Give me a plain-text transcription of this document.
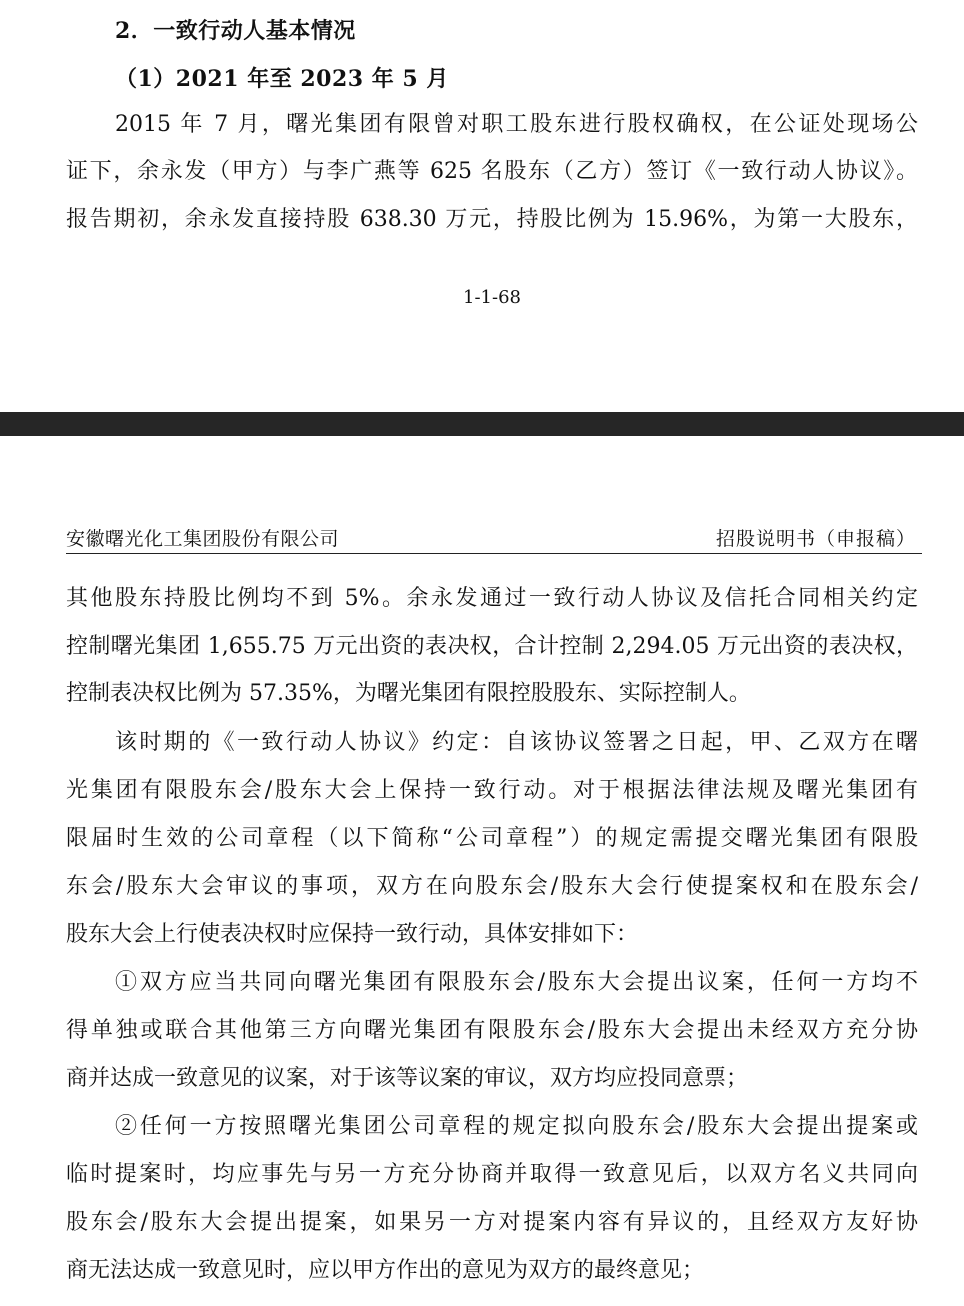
2．一致行动人基本情况
（1）2021 年至 2023 年 5 月
2015 年 7 月，曙光集团有限曾对职工股东进行股权确权，在公证处现场公
证下，余永发（甲方）与李广燕等 625 名股东（乙方）签订《一致行动人协议》。
报告期初，余永发直接持股 638.30 万元，持股比例为 15.96%，为第一大股东，
1-1-68
安徽曙光化工集团股份有限公司	招股说明书（申报稿）
其他股东持股比例均不到 5%。余永发通过一致行动人协议及信托合同相关约定
控制曙光集团 1,655.75 万元出资的表决权，合计控制 2,294.05 万元出资的表决权，
控制表决权比例为 57.35%，为曙光集团有限控股股东、实际控制人。
该时期的《一致行动人协议》约定：自该协议签署之日起，甲、乙双方在曙
光集团有限股东会/股东大会上保持一致行动。对于根据法律法规及曙光集团有
限届时生效的公司章程（以下简称“公司章程”）的规定需提交曙光集团有限股
东会/股东大会审议的事项，双方在向股东会/股东大会行使提案权和在股东会/
股东大会上行使表决权时应保持一致行动，具体安排如下：
①双方应当共同向曙光集团有限股东会/股东大会提出议案，任何一方均不
得单独或联合其他第三方向曙光集团有限股东会/股东大会提出未经双方充分协
商并达成一致意见的议案，对于该等议案的审议，双方均应投同意票；
②任何一方按照曙光集团公司章程的规定拟向股东会/股东大会提出提案或
临时提案时，均应事先与另一方充分协商并取得一致意见后，以双方名义共同向
股东会/股东大会提出提案，如果另一方对提案内容有异议的，且经双方友好协
商无法达成一致意见时，应以甲方作出的意见为双方的最终意见；
